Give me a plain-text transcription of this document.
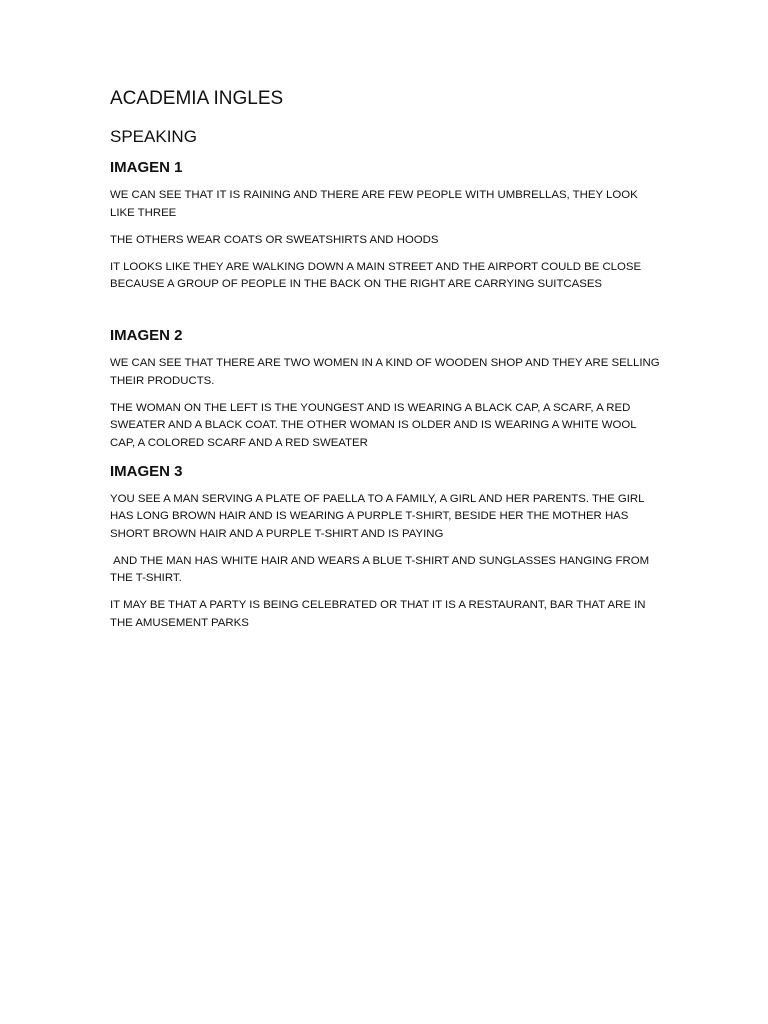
ACADEMIA INGLES
SPEAKING
IMAGEN 1

WE CAN SEE THAT IT IS RAINING AND THERE ARE FEW PEOPLE WITH UMBRELLAS, THEY LOOK LIKE THREE

THE OTHERS WEAR COATS OR SWEATSHIRTS AND HOODS

IT LOOKS LIKE THEY ARE WALKING DOWN A MAIN STREET AND THE AIRPORT COULD BE CLOSE BECAUSE A GROUP OF PEOPLE IN THE BACK ON THE RIGHT ARE CARRYING SUITCASES

IMAGEN 2

WE CAN SEE THAT THERE ARE TWO WOMEN IN A KIND OF WOODEN SHOP AND THEY ARE SELLING THEIR PRODUCTS.

THE WOMAN ON THE LEFT IS THE YOUNGEST AND IS WEARING A BLACK CAP, A SCARF, A RED SWEATER AND A BLACK COAT. THE OTHER WOMAN IS OLDER AND IS WEARING A WHITE WOOL CAP, A COLORED SCARF AND A RED SWEATER

IMAGEN 3

YOU SEE A MAN SERVING A PLATE OF PAELLA TO A FAMILY, A GIRL AND HER PARENTS. THE GIRL HAS LONG BROWN HAIR AND IS WEARING A PURPLE T-SHIRT, BESIDE HER THE MOTHER HAS SHORT BROWN HAIR AND A PURPLE T-SHIRT AND IS PAYING

AND THE MAN HAS WHITE HAIR AND WEARS A BLUE T-SHIRT AND SUNGLASSES HANGING FROM THE T-SHIRT.

IT MAY BE THAT A PARTY IS BEING CELEBRATED OR THAT IT IS A RESTAURANT, BAR THAT ARE IN THE AMUSEMENT PARKS
